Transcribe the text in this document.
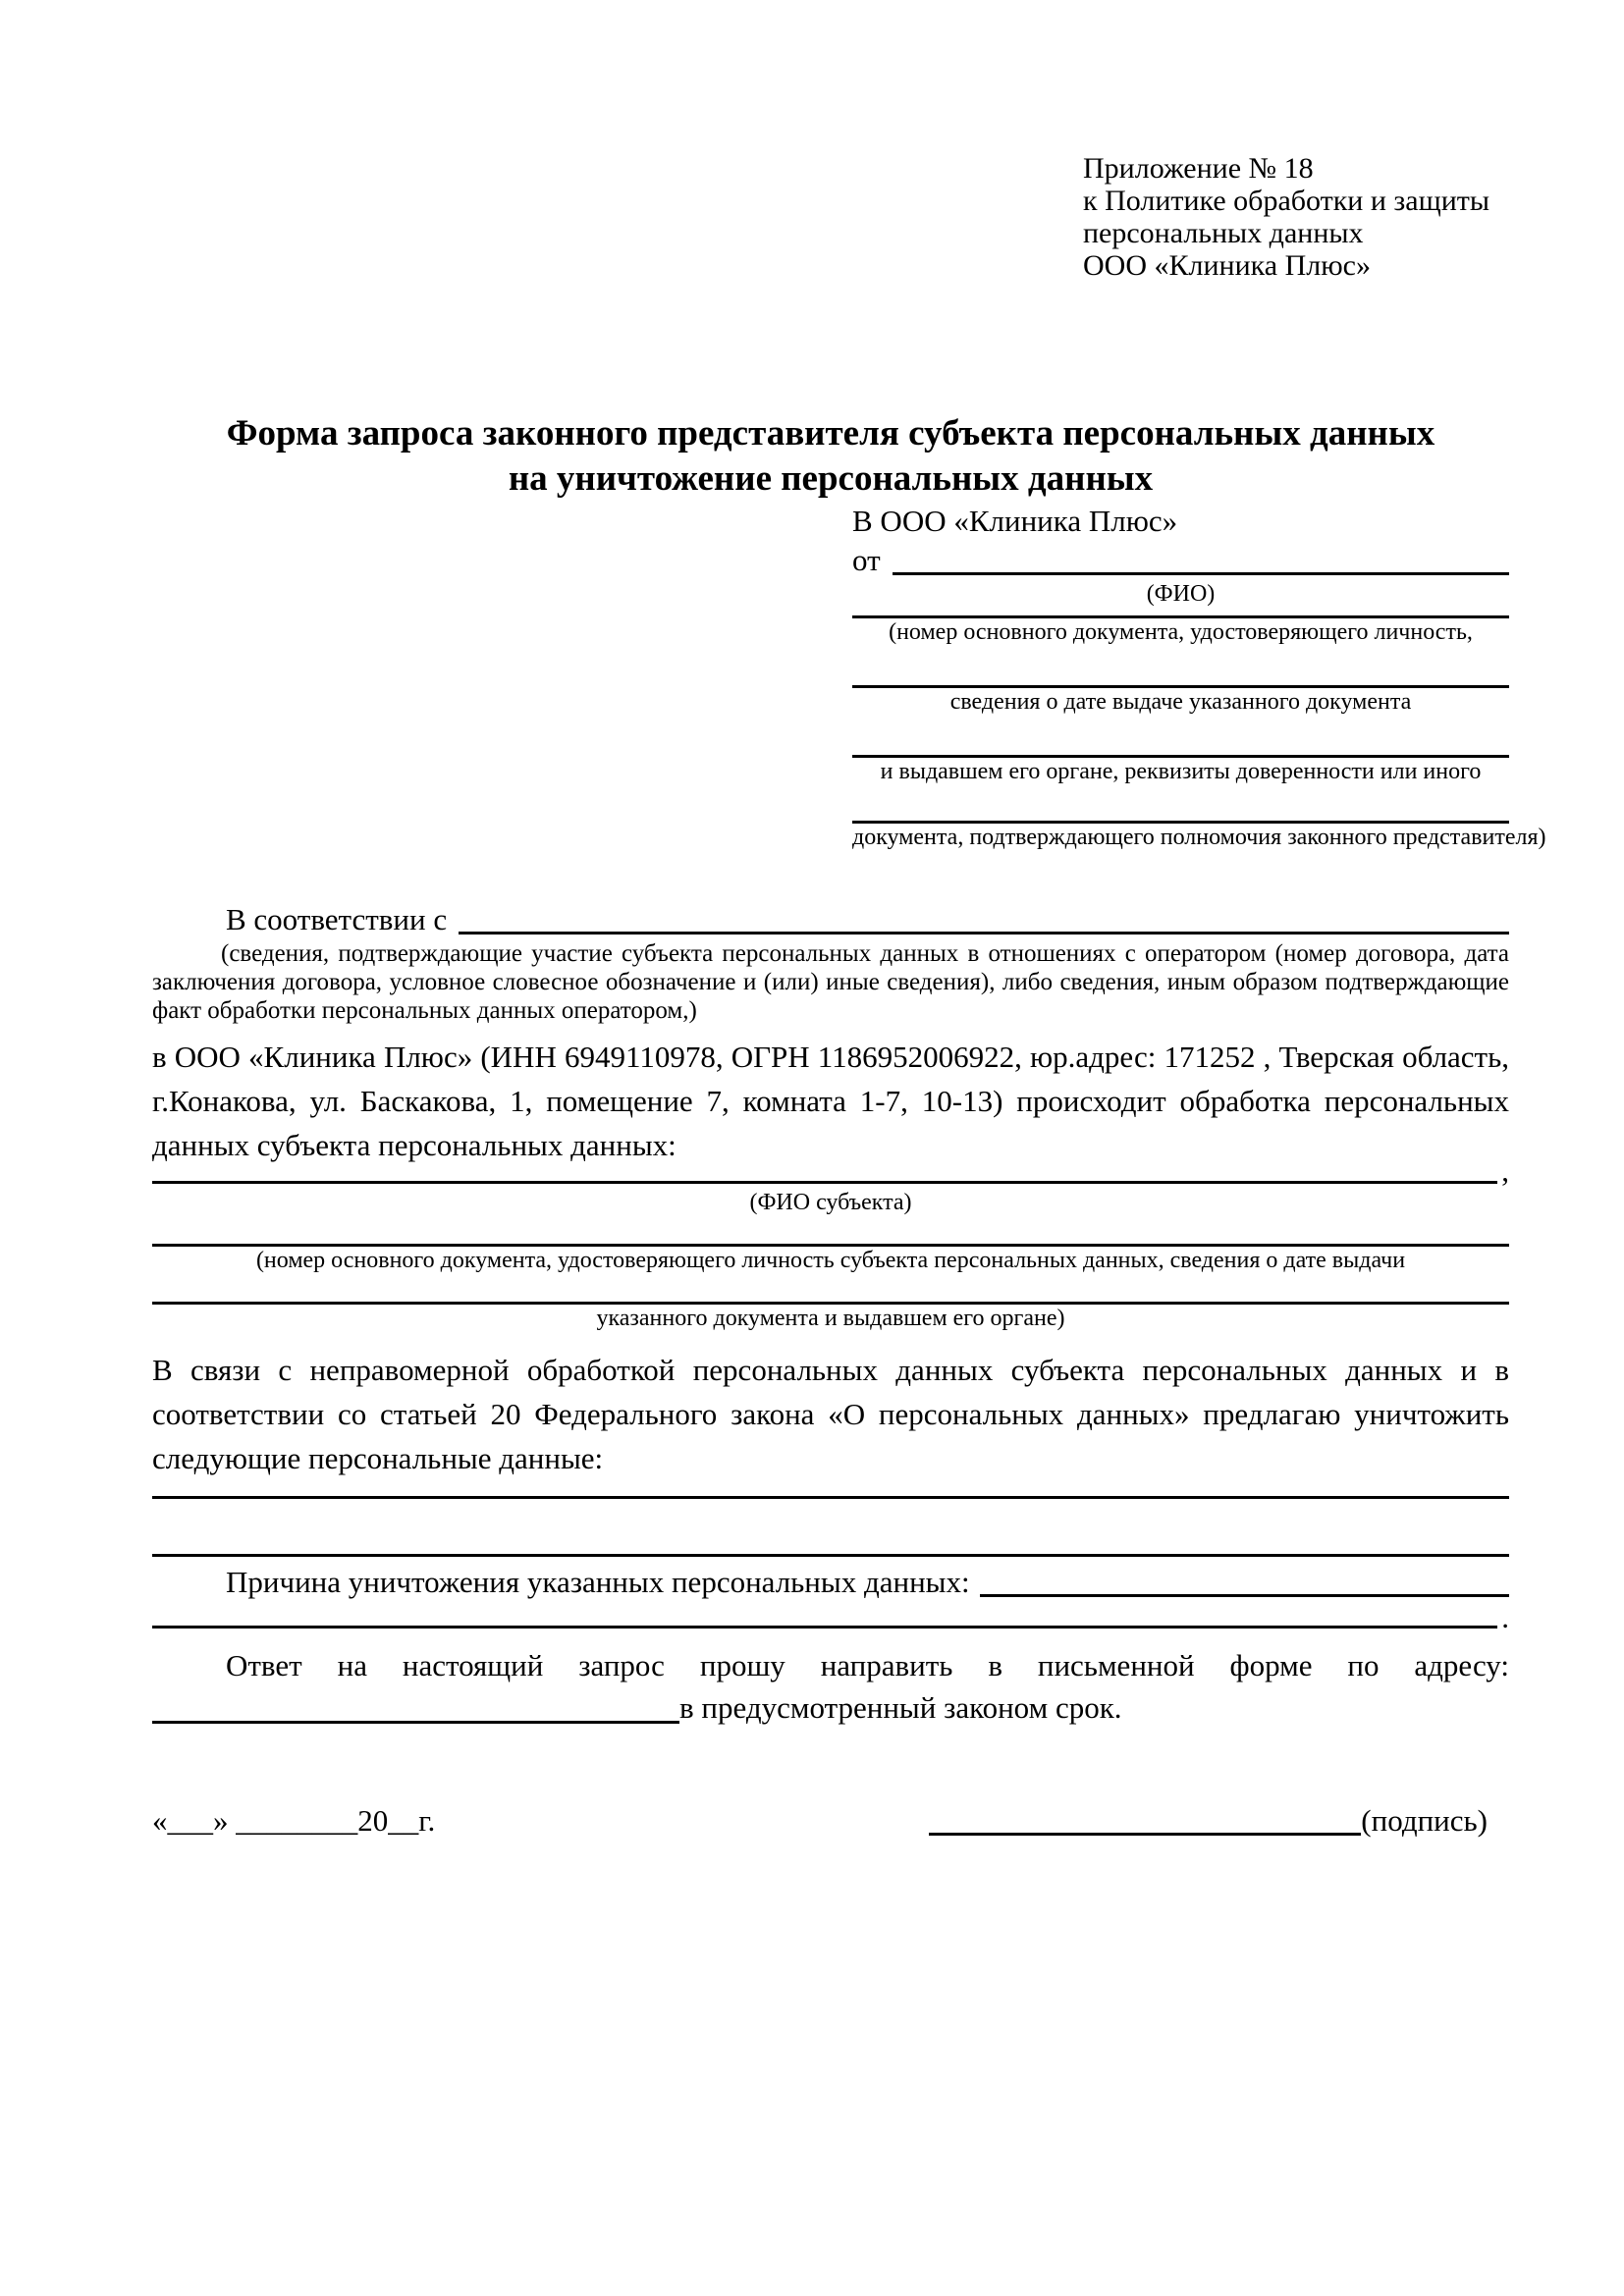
Приложение № 18
к Политике обработки и защиты
персональных данных
ООО «Клиника Плюс»
Форма запроса законного представителя субъекта персональных данных
на уничтожение персональных данных
В ООО «Клиника Плюс»
от
(ФИО)
(номер основного документа, удостоверяющего личность,
сведения о дате выдаче указанного документа
и выдавшем его органе, реквизиты доверенности или иного
документа, подтверждающего полномочия законного представителя)
В соответствии с

(сведения, подтверждающие участие субъекта персональных данных в отношениях с оператором (номер договора, дата заключения договора, условное словесное обозначение и (или) иные сведения), либо сведения, иным образом подтверждающие факт обработки персональных данных оператором,)

в ООО «Клиника Плюс» (ИНН 6949110978, ОГРН 1186952006922, юр.адрес: 171252 , Тверская область, г.Конакова, ул. Баскакова, 1, помещение 7, комната 1-7, 10-13) происходит обработка персональных данных субъекта персональных данных:

,
(ФИО субъекта)
(номер основного документа, удостоверяющего личность субъекта персональных данных, сведения о дате выдачи
указанного документа и выдавшем его органе)

В связи с неправомерной обработкой персональных данных субъекта персональных данных и в соответствии со статьей 20 Федерального закона «О персональных данных» предлагаю уничтожить следующие персональные данные:

Причина уничтожения указанных персональных данных:
.

Ответ на настоящий запрос прошу направить в письменной форме по адресу:

в предусмотренный законом срок.
«___» ________20__г.	(подпись)
